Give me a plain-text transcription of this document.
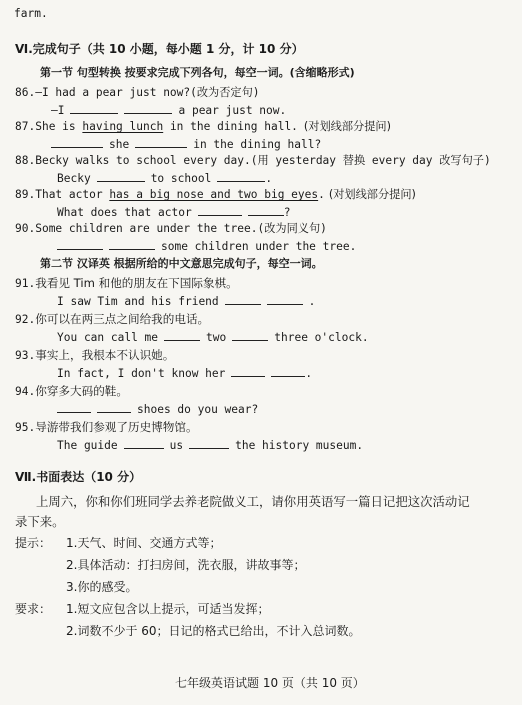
farm.
Ⅵ.完成句子（共 10 小题，每小题 1 分，计 10 分）
第一节 句型转换 按要求完成下列各句，每空一词。(含缩略形式)
86.—I had a pear just now?(改为否定句)
—I	a pear just now.
87.She is having lunch in the dining hall. (对划线部分提问)
she	in the dining hall?
88.Becky walks to school every day.(用 yesterday 替换 every day 改写句子)
Becky	to school	.
89.That actor has a big nose and two big eyes. (对划线部分提问)
What does that actor	?
90.Some children are under the tree.(改为同义句)
some children under the tree.
第二节 汉译英 根据所给的中文意思完成句子，每空一词。
91.我看见 Tim 和他的朋友在下国际象棋。
I saw Tim and his friend	.
92.你可以在两三点之间给我的电话。
You can call me	two	three o'clock.
93.事实上，我根本不认识她。
In fact, I don't know her	.
94.你穿多大码的鞋。
shoes do you wear?
95.导游带我们参观了历史博物馆。
The guide	us	the history museum.
Ⅶ.书面表达（10 分）
上周六，你和你们班同学去养老院做义工，请你用英语写一篇日记把这次活动记
录下来。
提示： 1.天气、时间、交通方式等；
2.具体活动：打扫房间，洗衣服，讲故事等；
3.你的感受。
要求： 1.短文应包含以上提示，可适当发挥；
2.词数不少于 60；日记的格式已给出，不计入总词数。
七年级英语试题 10 页（共 10 页）
